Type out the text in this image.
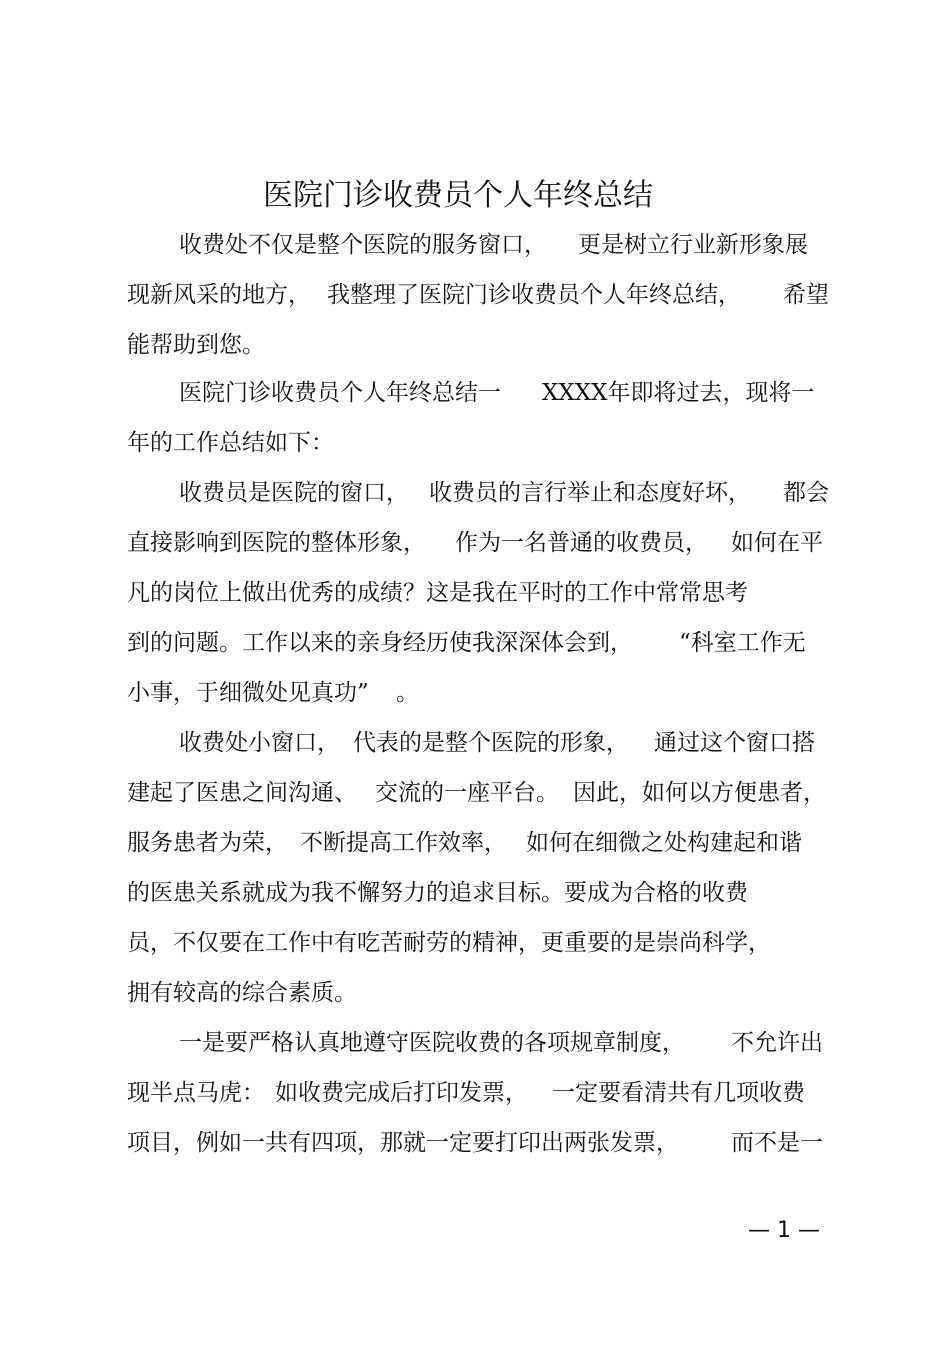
医院门诊收费员个人年终总结
收费处不仅是整个医院的服务窗口， 更是树立行业新形象展
现新风采的地方， 我整理了医院门诊收费员个人年终总结， 希望
能帮助到您。
医院门诊收费员个人年终总结一 XXXX年即将过去，现将一
年的工作总结如下：
收费员是医院的窗口， 收费员的言行举止和态度好坏， 都会
直接影响到医院的整体形象， 作为一名普通的收费员， 如何在平
凡的岗位上做出优秀的成绩？这是我在平时的工作中常常思考
到的问题。工作以来的亲身经历使我深深体会到， “科室工作无
小事，于细微处见真功” 。
收费处小窗口， 代表的是整个医院的形象， 通过这个窗口搭
建起了医患之间沟通、 交流的一座平台。 因此，如何以方便患者，
服务患者为荣， 不断提高工作效率， 如何在细微之处构建起和谐
的医患关系就成为我不懈努力的追求目标。要成为合格的收费
员，不仅要在工作中有吃苦耐劳的精神，更重要的是崇尚科学，
拥有较高的综合素质。
一是要严格认真地遵守医院收费的各项规章制度， 不允许出
现半点马虎： 如收费完成后打印发票， 一定要看清共有几项收费
项目，例如一共有四项，那就一定要打印出两张发票， 而不是一
— 1 —
